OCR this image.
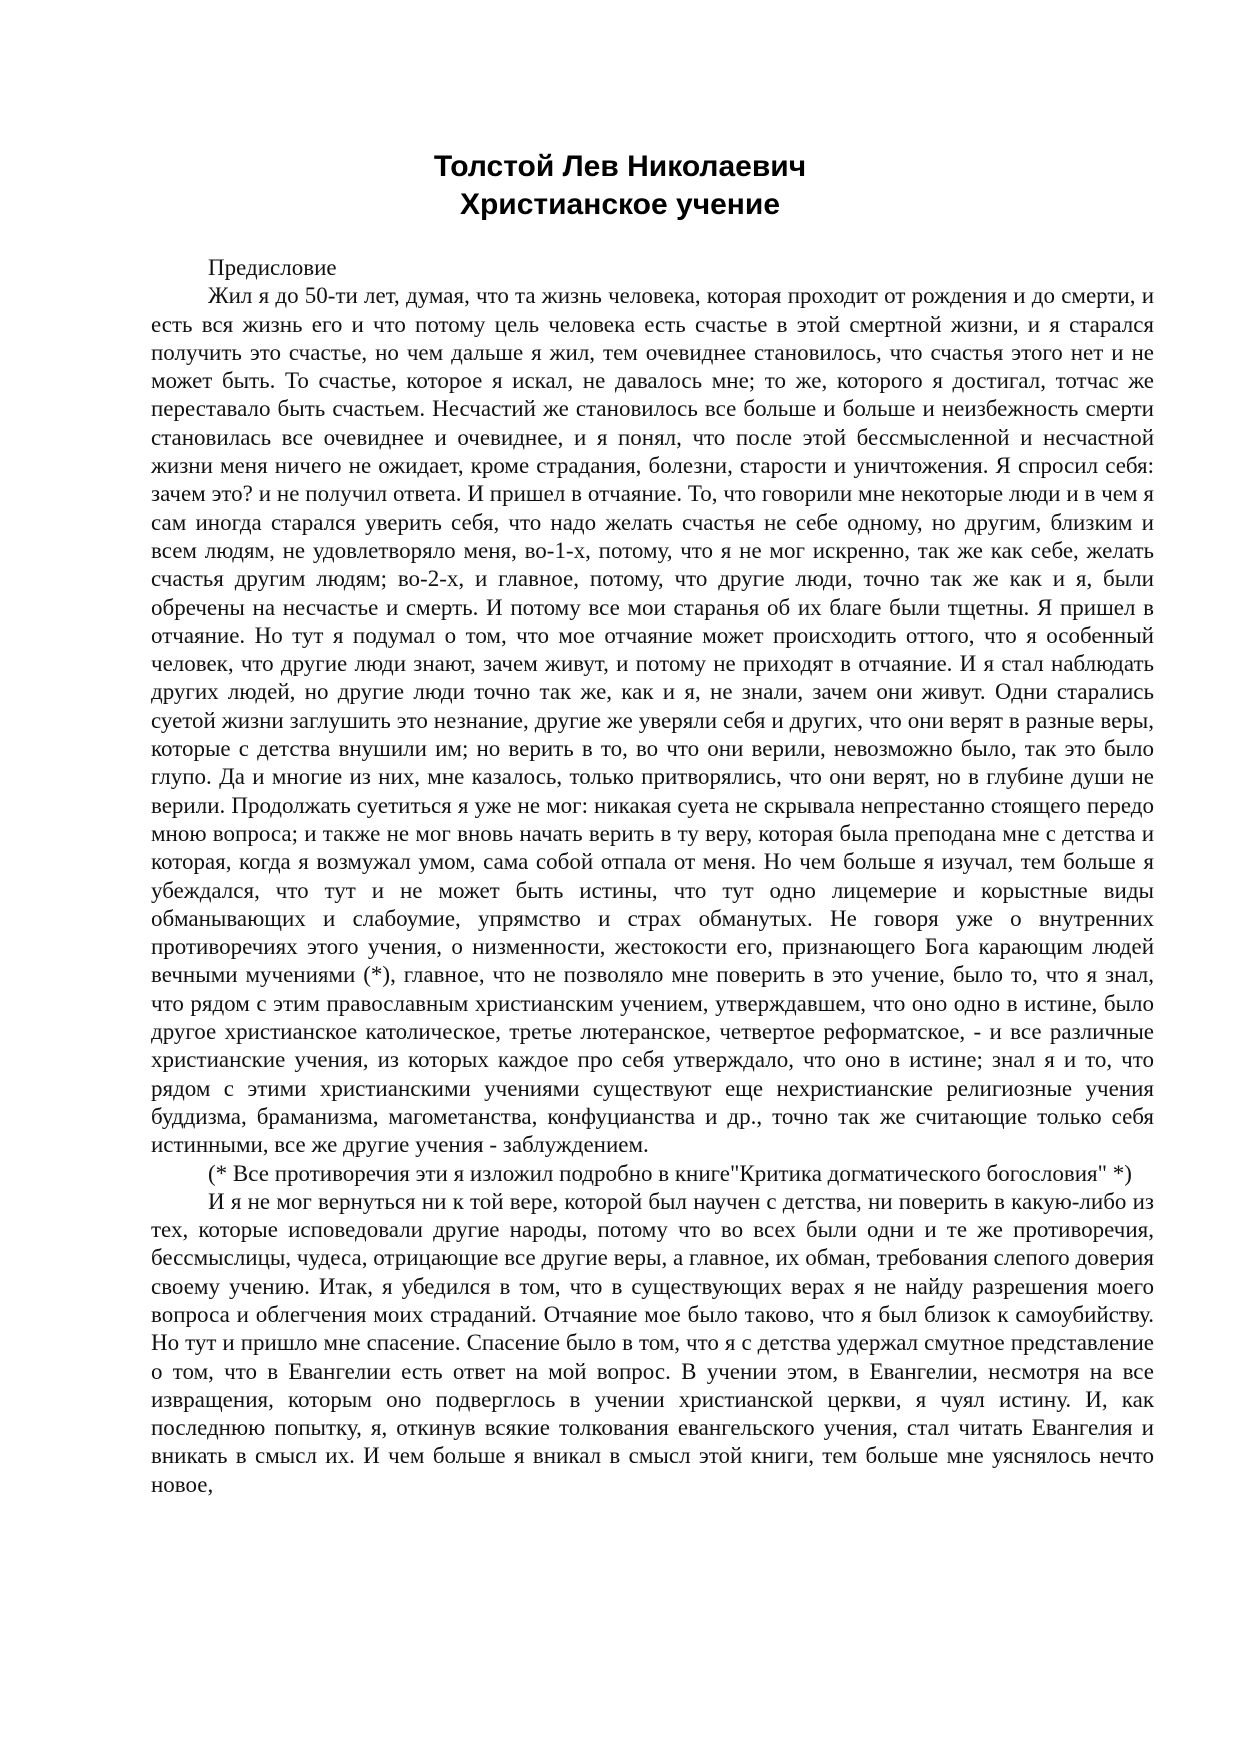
Толстой Лев Николаевич
Христианское учение

Предисловие

Жил я до 50-ти лет, думая, что та жизнь человека, которая проходит от рождения и до смерти, и есть вся жизнь его и что потому цель человека есть счастье в этой смертной жизни, и я старался получить это счастье, но чем дальше я жил, тем очевиднее становилось, что счастья этого нет и не может быть. То счастье, которое я искал, не давалось мне; то же, которого я достигал, тотчас же переставало быть счастьем. Несчастий же становилось все больше и больше и неизбежность смерти становилась все очевиднее и очевиднее, и я понял, что после этой бессмысленной и несчастной жизни меня ничего не ожидает, кроме страдания, болезни, старости и уничтожения. Я спросил себя: зачем это? и не получил ответа. И пришел в отчаяние. То, что говорили мне некоторые люди и в чем я сам иногда старался уверить себя, что надо желать счастья не себе одному, но другим, близким и всем людям, не удовлетворяло меня, во-1-х, потому, что я не мог искренно, так же как себе, желать счастья другим людям; во-2-х, и главное, потому, что другие люди, точно так же как и я, были обречены на несчастье и смерть. И потому все мои старанья об их благе были тщетны. Я пришел в отчаяние. Но тут я подумал о том, что мое отчаяние может происходить оттого, что я особенный человек, что другие люди знают, зачем живут, и потому не приходят в отчаяние. И я стал наблюдать других людей, но другие люди точно так же, как и я, не знали, зачем они живут. Одни старались суетой жизни заглушить это незнание, другие же уверяли себя и других, что они верят в разные веры, которые с детства внушили им; но верить в то, во что они верили, невозможно было, так это было глупо. Да и многие из них, мне казалось, только притворялись, что они верят, но в глубине души не верили. Продолжать суетиться я уже не мог: никакая суета не скрывала непрестанно стоящего передо мною вопроса; и также не мог вновь начать верить в ту веру, которая была преподана мне с детства и которая, когда я возмужал умом, сама собой отпала от меня. Но чем больше я изучал, тем больше я убеждался, что тут и не может быть истины, что тут одно лицемерие и корыстные виды обманывающих и слабоумие, упрямство и страх обманутых. Не говоря уже о внутренних противоречиях этого учения, о низменности, жестокости его, признающего Бога карающим людей вечными мучениями (*), главное, что не позволяло мне поверить в это учение, было то, что я знал, что рядом с этим православным христианским учением, утверждавшем, что оно одно в истине, было другое христианское католическое, третье лютеранское, четвертое реформатское, - и все различные христианские учения, из которых каждое про себя утверждало, что оно в истине; знал я и то, что рядом с этими христианскими учениями существуют еще нехристианские религиозные учения буддизма, браманизма, магометанства, конфуцианства и др., точно так же считающие только себя истинными, все же другие учения - заблуждением.

(* Все противоречия эти я изложил подробно в книге"Критика догматического богословия" *)

И я не мог вернуться ни к той вере, которой был научен с детства, ни поверить в какую-либо из тех, которые исповедовали другие народы, потому что во всех были одни и те же противоречия, бессмыслицы, чудеса, отрицающие все другие веры, а главное, их обман, требования слепого доверия своему учению. Итак, я убедился в том, что в существующих верах я не найду разрешения моего вопроса и облегчения моих страданий. Отчаяние мое было таково, что я был близок к самоубийству. Но тут и пришло мне спасение. Спасение было в том, что я с детства удержал смутное представление о том, что в Евангелии есть ответ на мой вопрос. В учении этом, в Евангелии, несмотря на все извращения, которым оно подверглось в учении христианской церкви, я чуял истину. И, как последнюю попытку, я, откинув всякие толкования евангельского учения, стал читать Евангелия и вникать в смысл их. И чем больше я вникал в смысл этой книги, тем больше мне уяснялось нечто новое,
